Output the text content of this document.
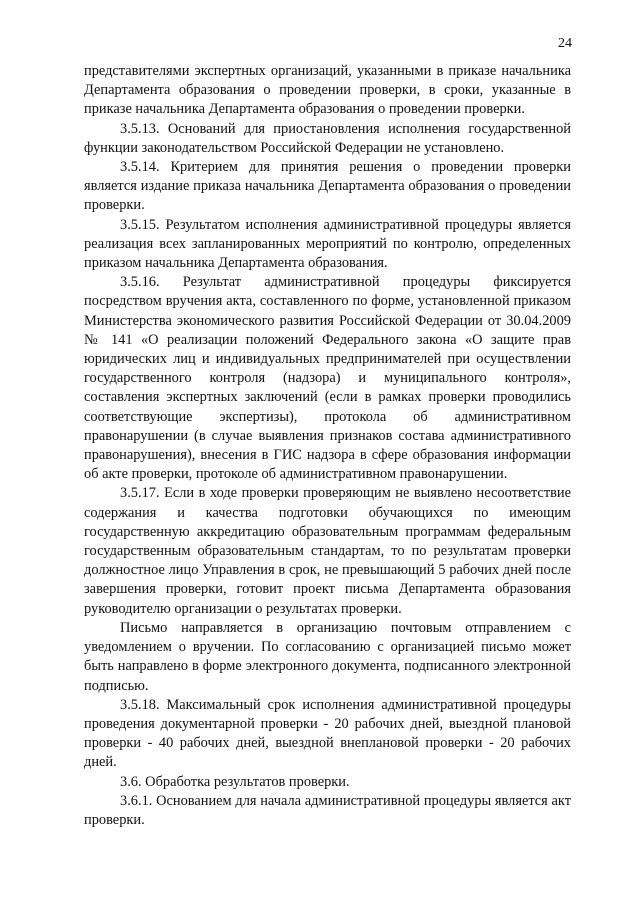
24

представителями экспертных организаций, указанными в приказе начальника Департамента образования о проведении проверки, в сроки, указанные в приказе начальника Департамента образования о проведении проверки.

3.5.13. Оснований для приостановления исполнения государственной функции законодательством Российской Федерации не установлено.

3.5.14. Критерием для принятия решения о проведении проверки является издание приказа начальника Департамента образования о проведении проверки.

3.5.15. Результатом исполнения административной процедуры является реализация всех запланированных мероприятий по контролю, определенных приказом начальника Департамента образования.

3.5.16. Результат административной процедуры фиксируется посредством вручения акта, составленного по форме, установленной приказом Министерства экономического развития Российской Федерации от 30.04.2009 № 141 «О реализации положений Федерального закона «О защите прав юридических лиц и индивидуальных предпринимателей при осуществлении государственного контроля (надзора) и муниципального контроля», составления экспертных заключений (если в рамках проверки проводились соответствующие экспертизы), протокола об административном правонарушении (в случае выявления признаков состава административного правонарушения), внесения в ГИС надзора в сфере образования информации об акте проверки, протоколе об административном правонарушении.

3.5.17. Если в ходе проверки проверяющим не выявлено несоответствие содержания и качества подготовки обучающихся по имеющим государственную аккредитацию образовательным программам федеральным государственным образовательным стандартам, то по результатам проверки должностное лицо Управления в срок, не превышающий 5 рабочих дней после завершения проверки, готовит проект письма Департамента образования руководителю организации о результатах проверки.

Письмо направляется в организацию почтовым отправлением с уведомлением о вручении. По согласованию с организацией письмо может быть направлено в форме электронного документа, подписанного электронной подписью.

3.5.18. Максимальный срок исполнения административной процедуры проведения документарной проверки - 20 рабочих дней, выездной плановой проверки - 40 рабочих дней, выездной внеплановой проверки - 20 рабочих дней.

3.6. Обработка результатов проверки.

3.6.1. Основанием для начала административной процедуры является акт проверки.
